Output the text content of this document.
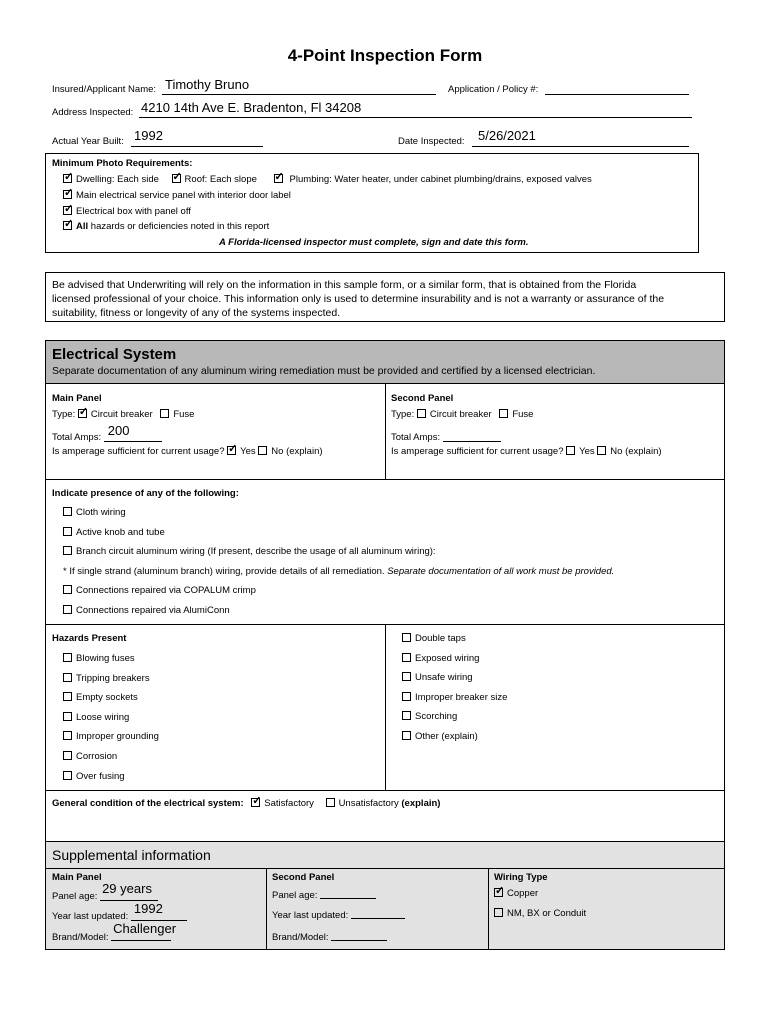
4-Point Inspection Form
Insured/Applicant Name: Timothy Bruno	Application / Policy #:
Address Inspected: 4210 14th Ave E. Bradenton, Fl 34208
Actual Year Built: 1992	Date Inspected: 5/26/2021
Minimum Photo Requirements:
✓Dwelling: Each side ✓	Roof: Each slope ✓	Plumbing: Water heater, under cabinet plumbing/drains, exposed valves
✓Main electrical service panel with interior door label
✓Electrical box with panel off
✓All hazards or deficiencies noted in this report
A Florida-licensed inspector must complete, sign and date this form.
Be advised that Underwriting will rely on the information in this sample form, or a similar form, that is obtained from the Florida
licensed professional of your choice. This information only is used to determine insurability and is not a warranty or assurance of the
suitability, fitness or longevity of any of the systems inspected.
Electrical System
Separate documentation of any aluminum wiring remediation must be provided and certified by a licensed electrician.
Main Panel
Type: ✓ Circuit breaker Fuse
Total Amps: 200
Is amperage sufficient for current usage? ✓ Yes No (explain)
Second Panel
Type: Circuit breaker Fuse
Total Amps:
Is amperage sufficient for current usage? Yes No (explain)
Indicate presence of any of the following:
Cloth wiring
Active knob and tube
Branch circuit aluminum wiring (If present, describe the usage of all aluminum wiring):
* If single strand (aluminum branch) wiring, provide details of all remediation. Separate documentation of all work must be provided.
Connections repaired via COPALUM crimp
Connections repaired via AlumiConn
Hazards Present
Blowing fuses
Tripping breakers
Empty sockets
Loose wiring
Improper grounding
Corrosion
Over fusing
Double taps
Exposed wiring
Unsafe wiring
Improper breaker size
Scorching
Other (explain)
General condition of the electrical system: ✓ Satisfactory	Unsatisfactory (explain)
Supplemental information
Main Panel
Panel age:
29 years
Year last updated:
1992
Brand/Model:
Challenger
Second Panel
Panel age:
Year last updated:
Brand/Model:
Wiring Type
✓Copper
NM, BX or Conduit
